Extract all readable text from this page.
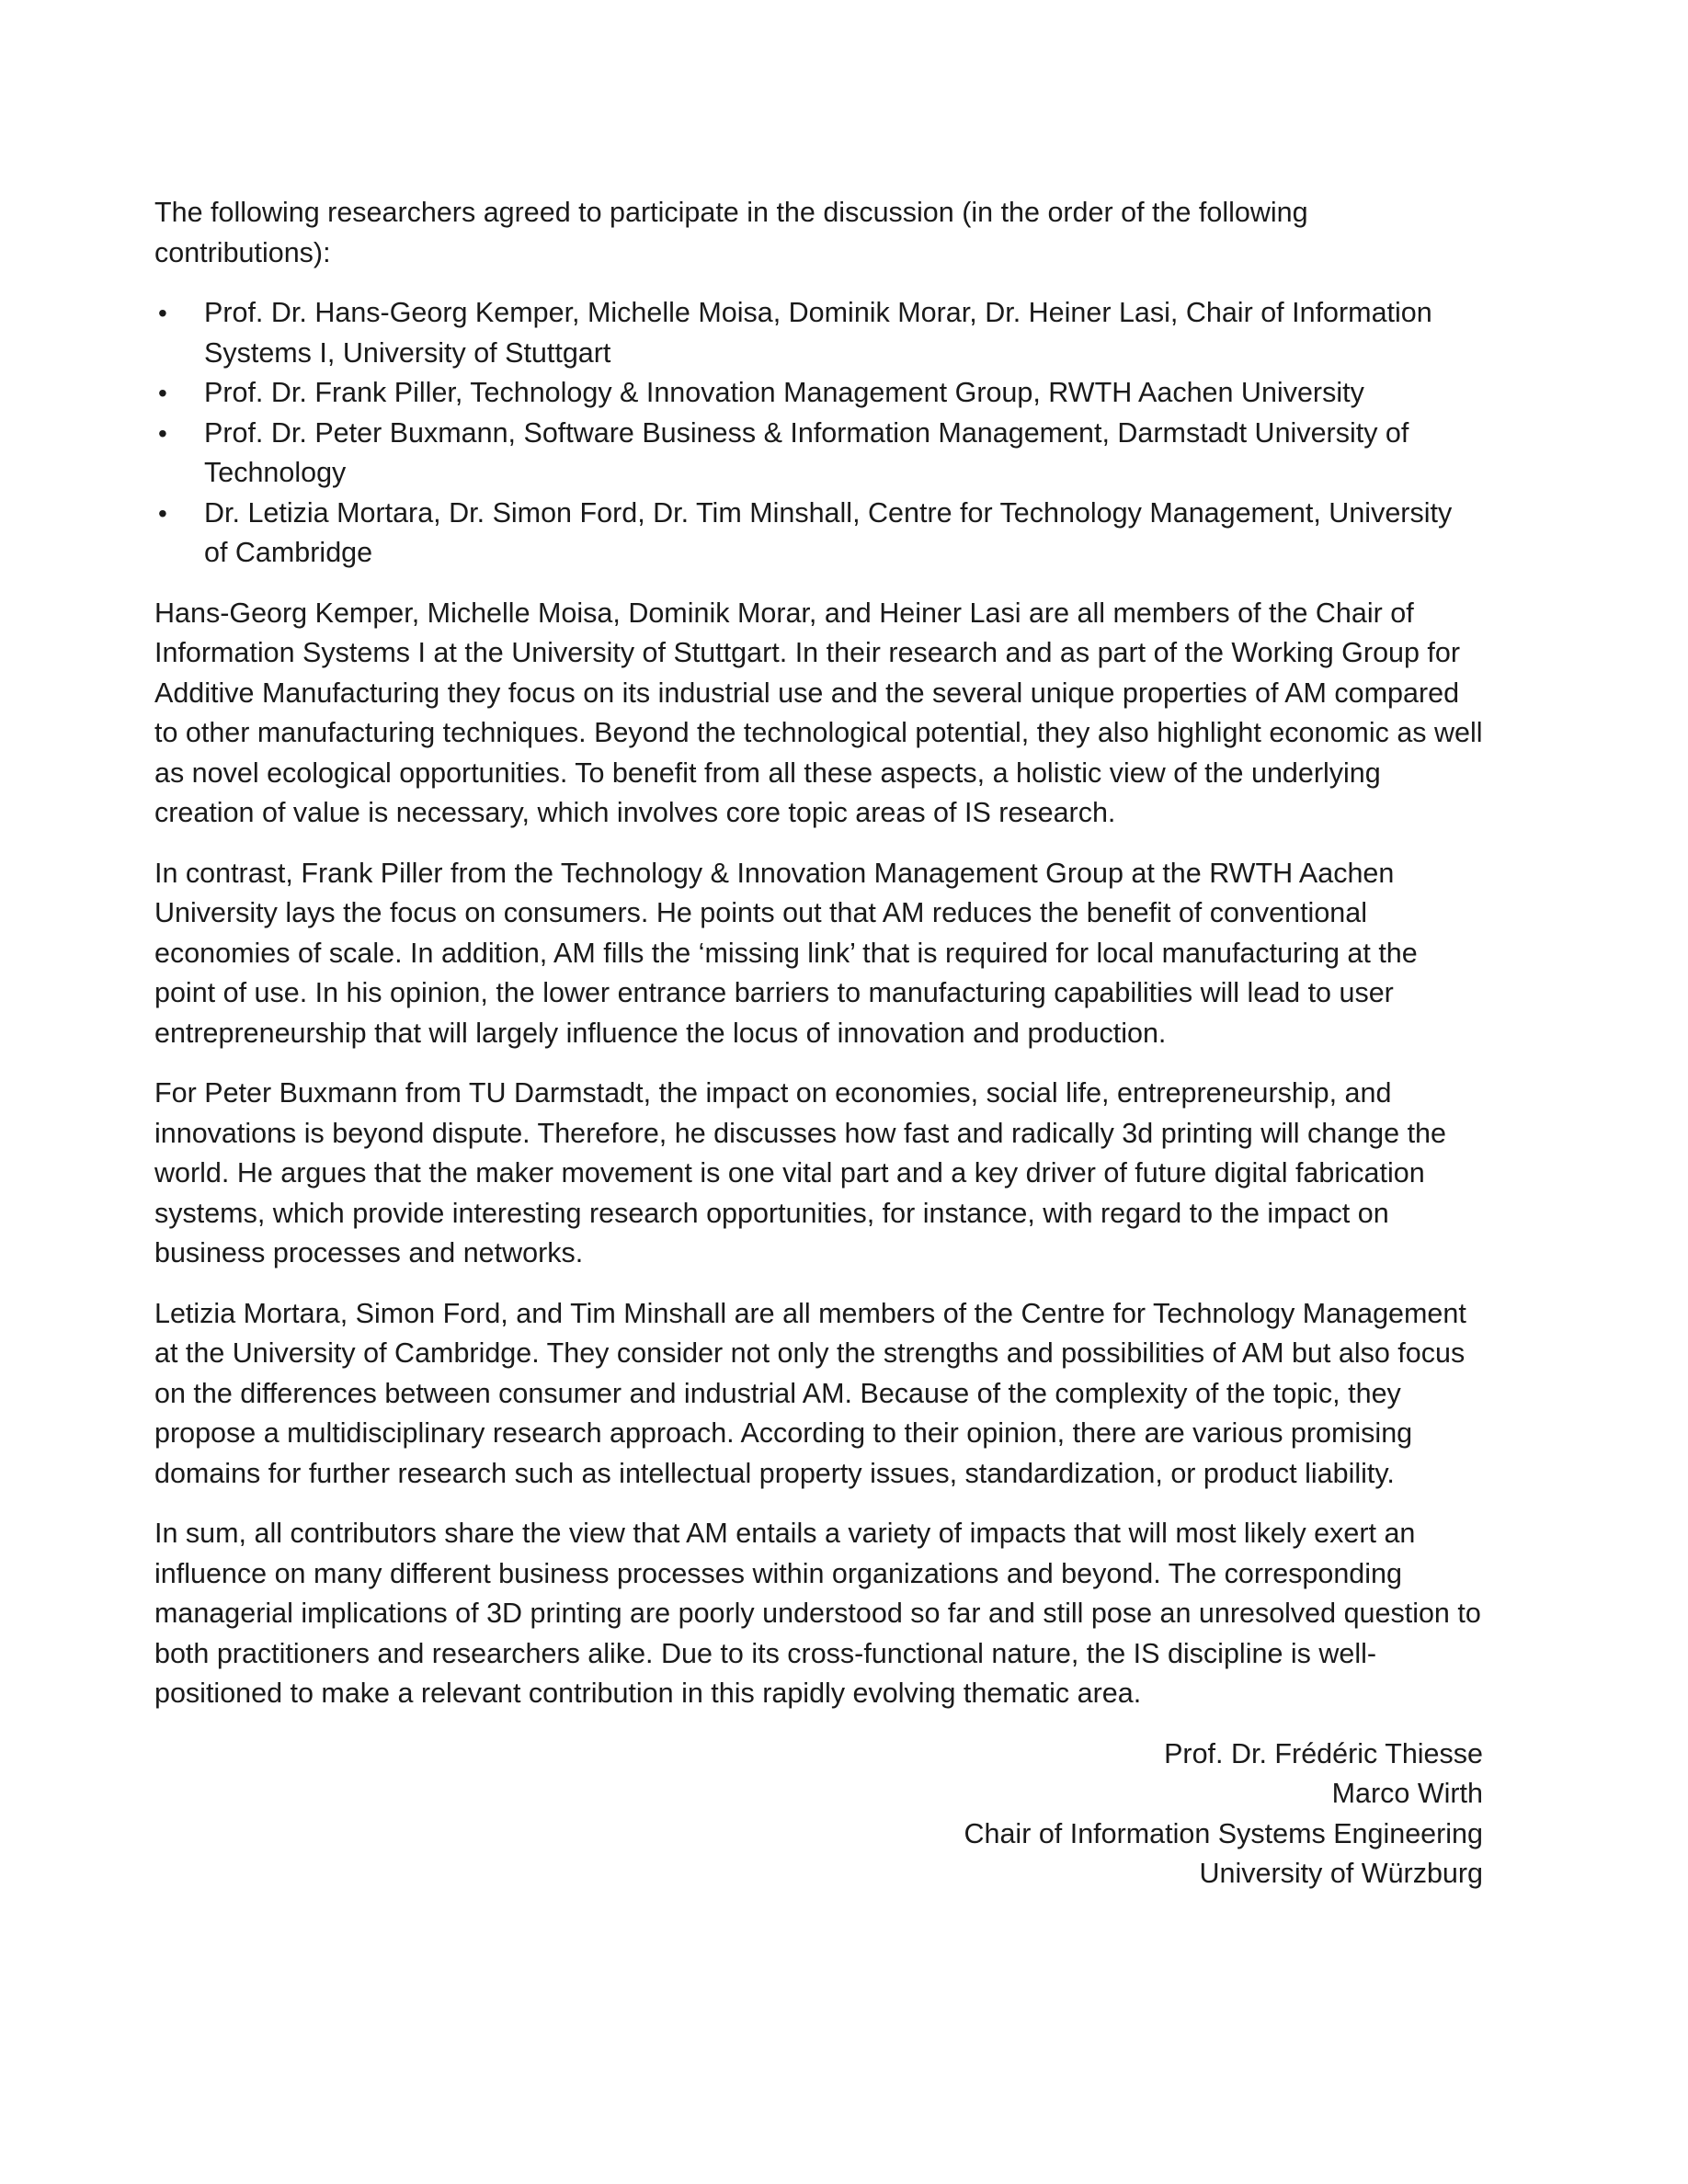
The following researchers agreed to participate in the discussion (in the order of the following contributions):

•	Prof. Dr. Hans-Georg Kemper, Michelle Moisa, Dominik Morar, Dr. Heiner Lasi, Chair of Information Systems I, University of Stuttgart
•	Prof. Dr. Frank Piller, Technology & Innovation Management Group, RWTH Aachen University
•	Prof. Dr. Peter Buxmann, Software Business & Information Management, Darmstadt University of Technology
•	Dr. Letizia Mortara, Dr. Simon Ford, Dr. Tim Minshall, Centre for Technology Management, University of Cambridge

Hans-Georg Kemper, Michelle Moisa, Dominik Morar, and Heiner Lasi are all members of the Chair of Information Systems I at the University of Stuttgart. In their research and as part of the Working Group for Additive Manufacturing they focus on its industrial use and the several unique properties of AM compared to other manufacturing techniques. Beyond the technological potential, they also highlight economic as well as novel ecological opportunities. To benefit from all these aspects, a holistic view of the underlying creation of value is necessary, which involves core topic areas of IS research.

In contrast, Frank Piller from the Technology & Innovation Management Group at the RWTH Aachen University lays the focus on consumers. He points out that AM reduces the benefit of conventional economies of scale. In addition, AM fills the ‘missing link’ that is required for local manufacturing at the point of use. In his opinion, the lower entrance barriers to manufacturing capabilities will lead to user entrepreneurship that will largely influence the locus of innovation and production.

For Peter Buxmann from TU Darmstadt, the impact on economies, social life, entrepreneurship, and innovations is beyond dispute. Therefore, he discusses how fast and radically 3d printing will change the world. He argues that the maker movement is one vital part and a key driver of future digital fabrication systems, which provide interesting research opportunities, for instance, with regard to the impact on business processes and networks.

Letizia Mortara, Simon Ford, and Tim Minshall are all members of the Centre for Technology Management at the University of Cambridge. They consider not only the strengths and possibilities of AM but also focus on the differences between consumer and industrial AM. Because of the complexity of the topic, they propose a multidisciplinary research approach. According to their opinion, there are various promising domains for further research such as intellectual property issues, standardization, or product liability.

In sum, all contributors share the view that AM entails a variety of impacts that will most likely exert an influence on many different business processes within organizations and beyond. The corresponding managerial implications of 3D printing are poorly understood so far and still pose an unresolved question to both practitioners and researchers alike. Due to its cross-functional nature, the IS discipline is well-positioned to make a relevant contribution in this rapidly evolving thematic area.

Prof. Dr. Frédéric Thiesse
Marco Wirth
Chair of Information Systems Engineering
University of Würzburg
